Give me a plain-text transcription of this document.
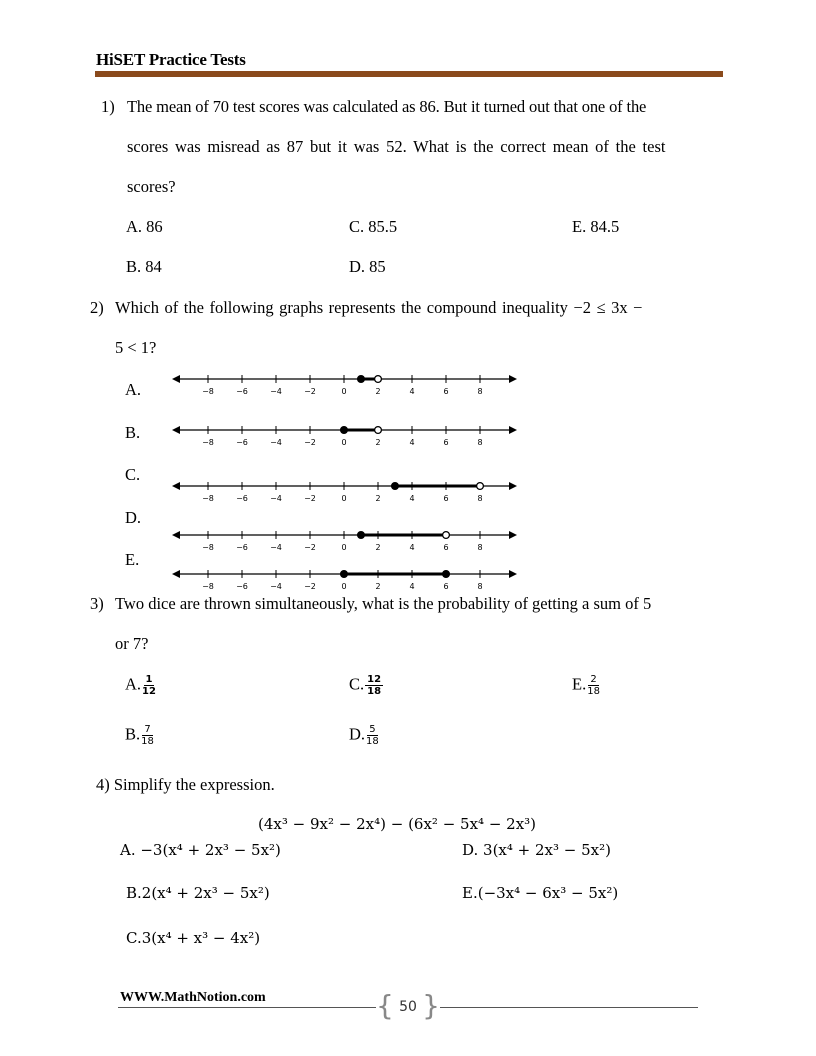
HiSET Practice Tests
1) The mean of 70 test scores was calculated as 86. But it turned out that one of the
scores was misread as 87 but it was 52. What is the correct mean of the test
scores?
A. 86	C. 85.5	E. 84.5
B. 84	D. 85
2) Which of the following graphs represents the compound inequality −2 ≤ 3x −
5 < 1?
A.
B.
C.
D.
E.
−8	−6	−4	−2	0	2	4	6	8
−8	−6	−4	−2	0	2	4	6	8
−8	−6	−4	−2	0	2	4	6	8
−8	−6	−4	−2	0	2	4	6	8
−8	−6	−4	−2	0	2	4	6	8
3) Two dice are thrown simultaneously, what is the probability of getting a sum of 5
or 7?
A. $\frac{1}{12}$	C. $\frac{12}{18}$	E. $\frac{2}{18}$
B. $\frac{7}{18}$	D. $\frac{5}{18}$
4) Simplify the expression.
(4x³ − 9x² − 2x⁴) − (6x² − 5x⁴ − 2x³)
A. −3(x⁴ + 2x³ − 5x²)	D. 3(x⁴ + 2x³ − 5x²)
B.2(x⁴ + 2x³ − 5x²)	E.(−3x⁴ − 6x³ − 5x²)
C.3(x⁴ + x³ − 4x²)
WWW.MathNotion.com	{ 50 }
